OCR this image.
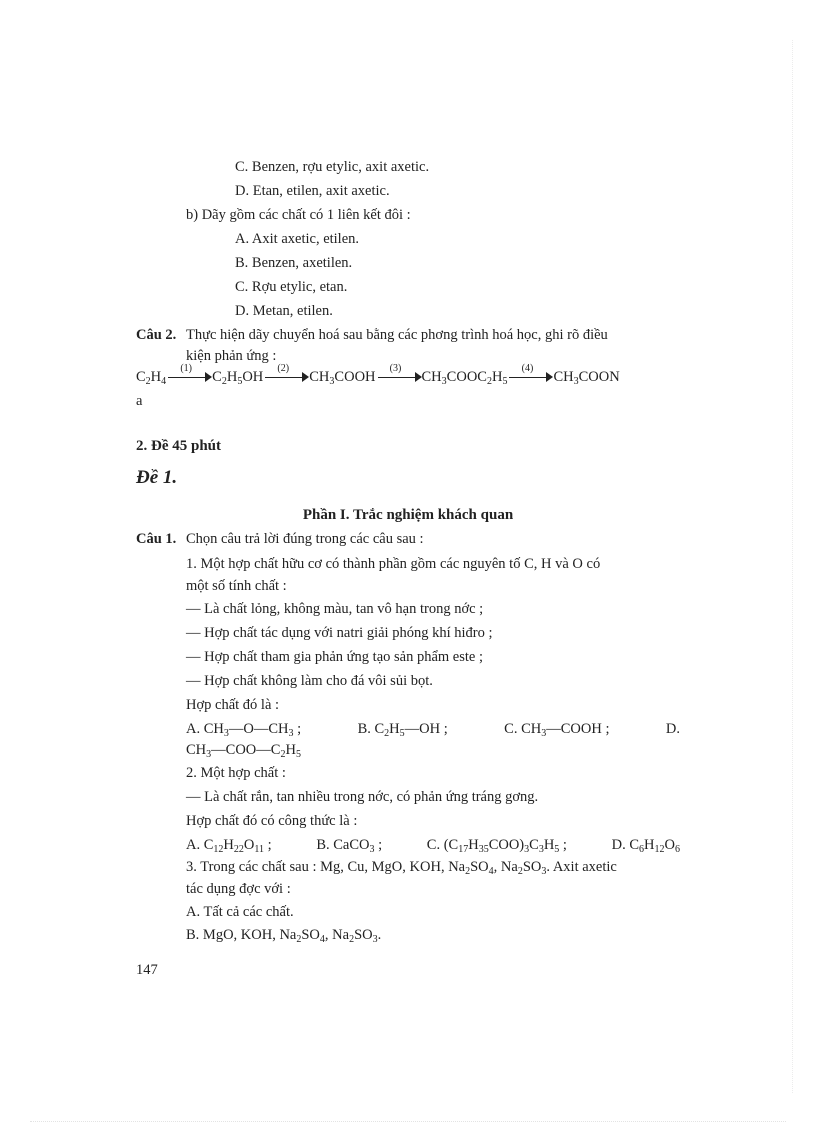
C. Benzen, rợu etylic, axit axetic.
D. Etan, etilen, axit axetic.
b) Dãy gồm các chất có 1 liên kết đôi :
A. Axit axetic, etilen.
B. Benzen, axetilen.
C. Rợu etylic, etan.
D. Metan, etilen.
Câu 2. Thực hiện dãy chuyển hoá sau bằng các phơng trình hoá học, ghi rõ điều
kiện phản ứng :
$C_2H_4$
(1)
$C_2H_5OH$
(2)
$CH_3COOH$
(3)
$CH_3COOC_2H_5$
(4)
$CH_3COON$
a
2. Đề 45 phút
Đề 1.
Phần I. Trắc nghiệm khách quan
Câu 1. Chọn câu trả lời đúng trong các câu sau :
1. Một hợp chất hữu cơ có thành phần gồm các nguyên tố C, H và O có
một số tính chất :
— Là chất lỏng, không màu, tan vô hạn trong nớc ;
— Hợp chất tác dụng với natri giải phóng khí hiđro ;
— Hợp chất tham gia phản ứng tạo sản phẩm este ;
— Hợp chất không làm cho đá vôi sủi bọt.
Hợp chất đó là :
A. $CH_3—O—CH_3$ ;	B. $C_2H_5—OH$ ;	C. $CH_3—COOH$ ;	D.
$CH_3—COO—C_2H_5$
2. Một hợp chất :
— Là chất rắn, tan nhiều trong nớc, có phản ứng tráng gơng.
Hợp chất đó có công thức là :
A. $C_{12}H_{22}O_{11}$ ;	B. CaCO$_3$ ;	C. $(C_{17}H_{35}COO)_3C_3H_5$ ;	D. $C_6H_{12}O_6$
3. Trong các chất sau : Mg, Cu, MgO, KOH, $Na_2SO_4$, $Na_2SO_3$. Axit axetic
tác dụng đợc với :
A. Tất cả các chất.
B. MgO, KOH, $Na_2SO_4$, $Na_2SO_3$.
147
